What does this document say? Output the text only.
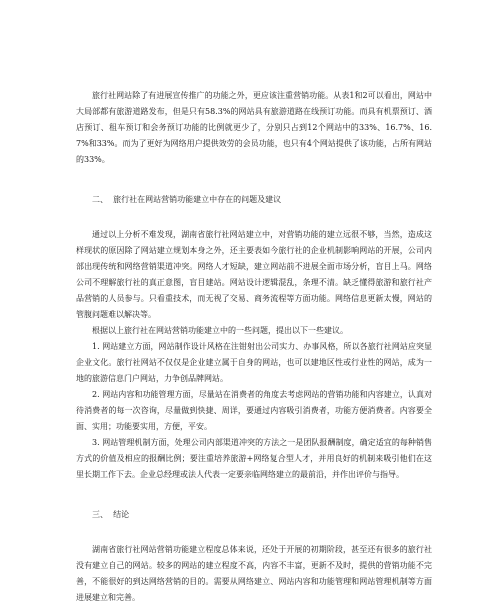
旅行社网站除了有进展宣传推广的功能之外，更应该注重营销功能。从表1和2可以看出，网站中大局部都有旅游道路发布，但是只有58.3%的网站具有旅游道路在线预订功能。而具有机票预订、酒店预订、租车预订和会务预订功能的比例就更少了，分别只占到12个网站中的33%、16.7%、16.7%和33%。而为了更好为网络用户提供效劳的会员功能，也只有4个网站提供了该功能，占所有网站的33%。

二、  旅行社在网站营销功能建立中存在的问题及建议

通过以上分析不难发现，湖南省旅行社网站建立中，对营销功能的建立远很不够，当然，造成这样现状的原因除了网站建立规划本身之外，还主要表如今旅行社的企业机制影响网站的开展，公司内部出现传统和网络营销渠道冲突。网络人才短缺，建立网站前不进展全面市场分析，盲目上马。网络公司不理解旅行社的真正意图，盲目建站。网站设计逻辑混乱，条理不清。缺乏懂得旅游和旅行社产品营销的人员参与。只看重技术，而无视了交易、商务流程等方面功能。网络信息更新太慢，网站的管腹问题难以解决等。

根据以上旅行社在网站营销功能建立中的一些问题，提出以下一些建议。

1. 网站建立方面，网站制作设计风格在注钳射出公司实力、办事风格，所以各旅行社网站应突显企业文化。旅行社网站不仅仅是企业建立属于自身的网站，也可以建地区性或行业性的网站，成为一地的旅游信息门户网站，力争创品牌网站。

2. 网站内容和功能管理方面，尽量站在消费者的角度去考虑网站的营销功能和内容建立，认真对待消费者的每一次咨询，尽量做到快捷、周详，要通过内容吸引消费者，功能方便消费者。内容要全面、实用；功能要实用，方便，平安。

3. 网站管理机制方面，处理公司内部渠道冲突的方法之一是团队报酬制度，确定适宜的每种销售方式的价值及相应的报酬比例；要注重培养旅游+网络复合型人才，并用良好的机制来吸引他们在这里长期工作下去。企业总经理或法人代表一定要亲临网络建立的最前沿，并作出评价与指导。

三、  结论

湖南省旅行社网站营销功能建立程度总体来说，还处于开展的初期阶段，甚至还有很多的旅行社没有建立自己的网站。较多的网站的建立程度不高，内容不丰富，更新不及时，提供的营销功能不完善，不能很好的到达网络营销的目的。需要从网络建立、网站内容和功能管理和网站管理机制等方面进展建立和完善。
